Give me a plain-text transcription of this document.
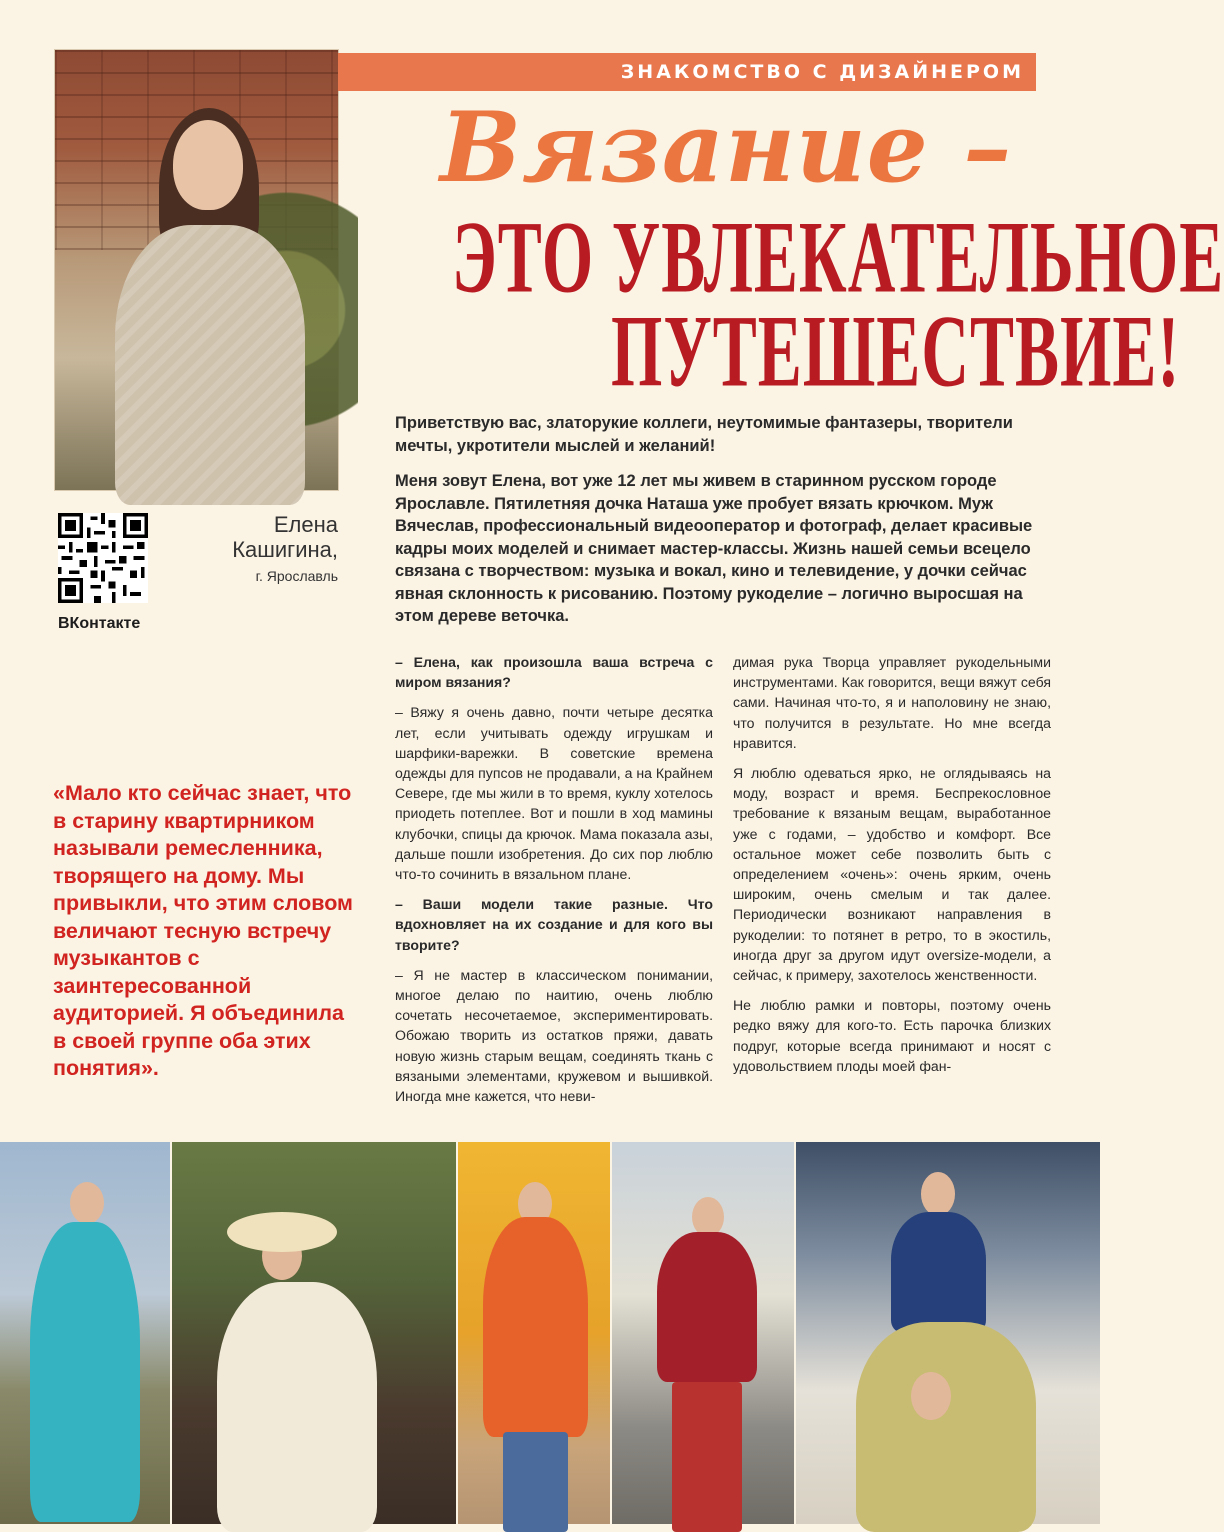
ЗНАКОМСТВО С ДИЗАЙНЕРОМ
Вязание –
ЭТО УВЛЕКАТЕЛЬНОЕ
ПУТЕШЕСТВИЕ!
ВКонтакте
Елена
Кашигина,
г. Ярославль

Приветствую вас, златорукие коллеги, неутомимые фантазеры, творители мечты, укротители мыслей и желаний!

Меня зовут Елена, вот уже 12 лет мы живем в старинном русском городе Ярославле. Пятилетняя дочка Наташа уже пробует вязать крючком. Муж Вячеслав, профессиональный видеооператор и фотограф, делает красивые кадры моих моделей и снимает мастер-классы. Жизнь нашей семьи всецело связана с творчеством: музыка и вокал, кино и телевидение, у дочки сейчас явная склонность к рисованию. Поэтому рукоделие – логично выросшая на этом дереве веточка.

«Мало кто сейчас знает, что в старину квартирником называли ремесленника, творящего на дому. Мы привыкли, что этим словом величают тесную встречу музыкантов с заинтересованной аудиторией. Я объединила в своей группе оба этих понятия».

– Елена, как произошла ваша встреча с миром вязания?

– Вяжу я очень давно, почти четыре десятка лет, если учитывать одежду игрушкам и шарфики-варежки. В советские времена одежды для пупсов не продавали, а на Крайнем Севере, где мы жили в то время, куклу хотелось приодеть потеплее. Вот и пошли в ход мамины клубочки, спицы да крючок. Мама показала азы, дальше пошли изобретения. До сих пор люблю что-то сочинить в вязальном плане.

– Ваши модели такие разные. Что вдохновляет на их создание и для кого вы творите?

– Я не мастер в классическом понимании, многое делаю по наитию, очень люблю сочетать несочетаемое, экспериментировать. Обожаю творить из остатков пряжи, давать новую жизнь старым вещам, соединять ткань с вязаными элементами, кружевом и вышивкой. Иногда мне кажется, что неви-

димая рука Творца управляет рукодельными инструментами. Как говорится, вещи вяжут себя сами. Начиная что-то, я и наполовину не знаю, что получится в результате. Но мне всегда нравится.

Я люблю одеваться ярко, не оглядываясь на моду, возраст и время. Беспрекословное требование к вязаным вещам, выработанное уже с годами, – удобство и комфорт. Все остальное может себе позволить быть с определением «очень»: очень ярким, очень широким, очень смелым и так далее. Периодически возникают направления в рукоделии: то потянет в ретро, то в экостиль, иногда друг за другом идут oversize-модели, а сейчас, к примеру, захотелось женственности.

Не люблю рамки и повторы, поэтому очень редко вяжу для кого-то. Есть парочка близких подруг, которые всегда принимают и носят с удовольствием плоды моей фан-
